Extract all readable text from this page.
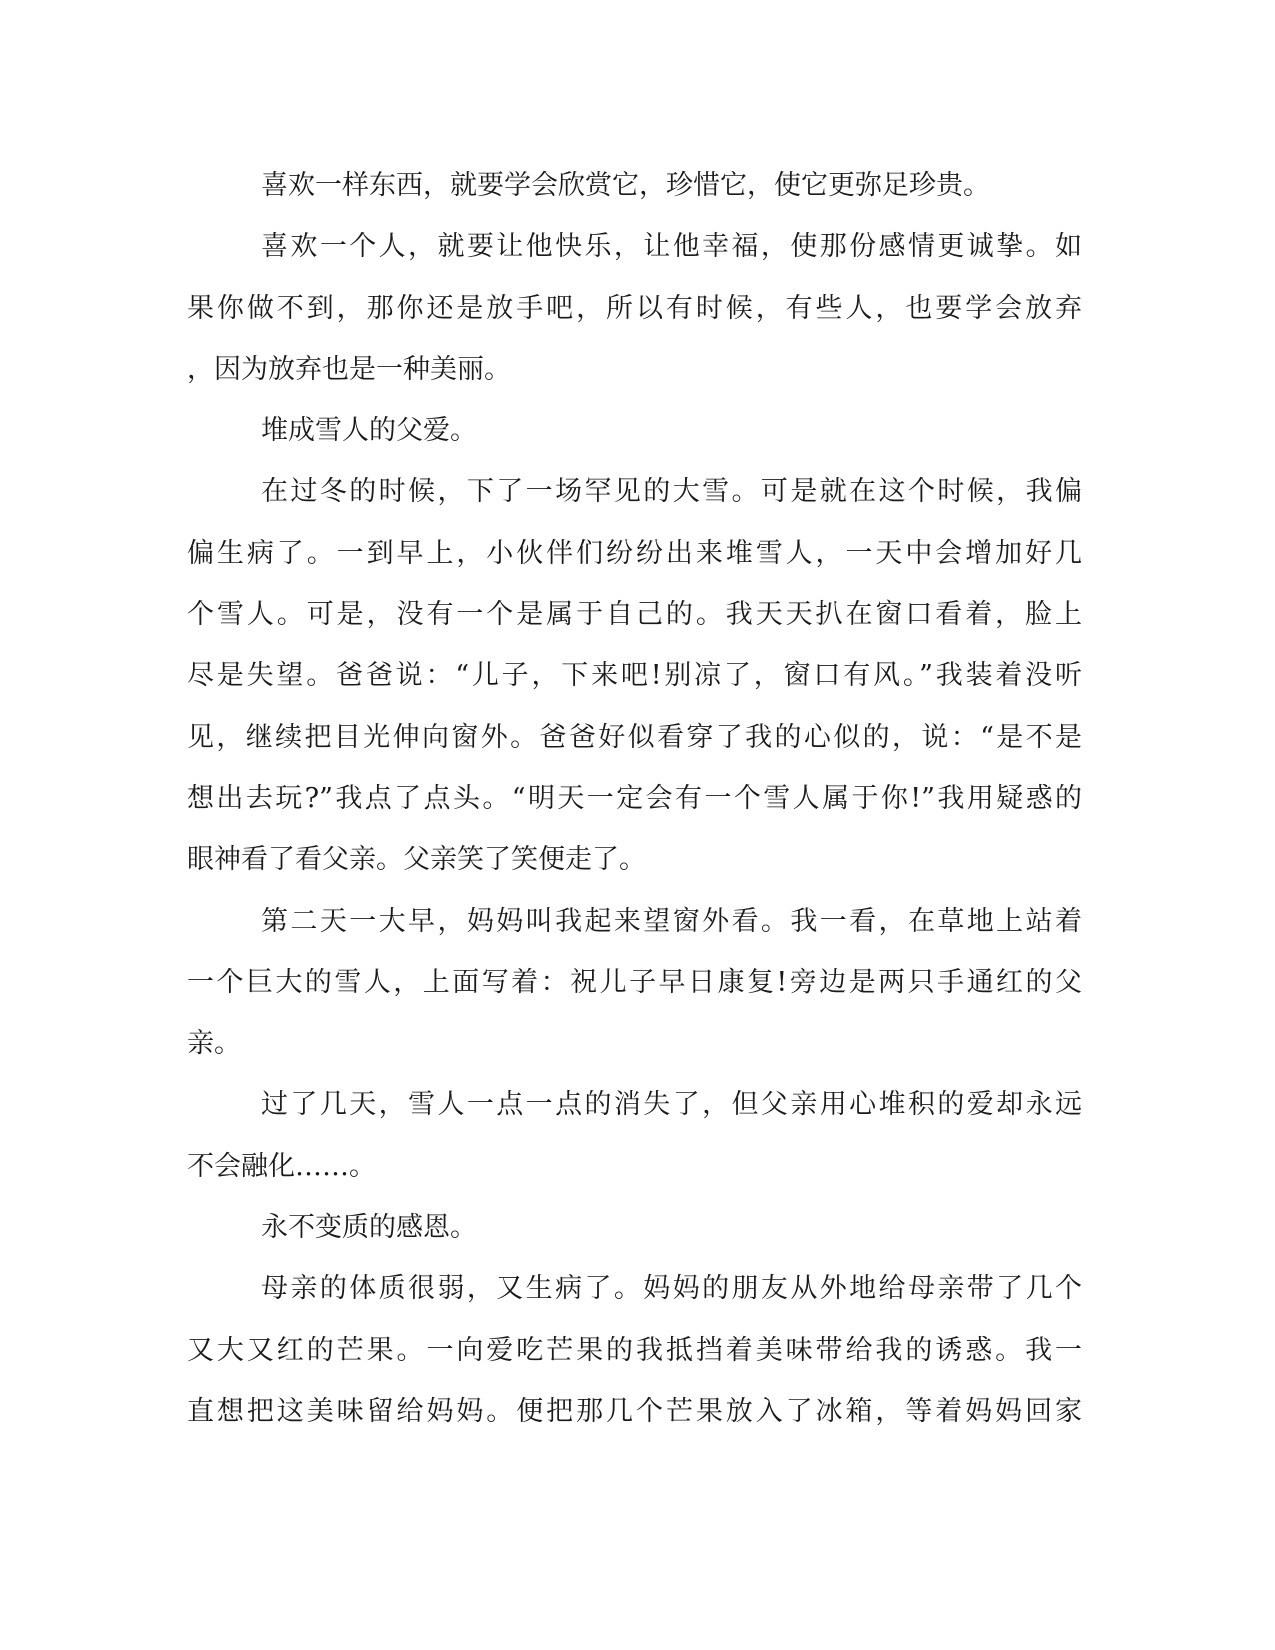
喜欢一样东西，就要学会欣赏它，珍惜它，使它更弥足珍贵。
喜欢一个人，就要让他快乐，让他幸福，使那份感情更诚挚。如
果你做不到，那你还是放手吧，所以有时候，有些人，也要学会放弃
，因为放弃也是一种美丽。
堆成雪人的父爱。
在过冬的时候，下了一场罕见的大雪。可是就在这个时候，我偏
偏生病了。一到早上，小伙伴们纷纷出来堆雪人，一天中会增加好几
个雪人。可是，没有一个是属于自己的。我天天扒在窗口看着，脸上
尽是失望。爸爸说：“儿子，下来吧!别凉了，窗口有风。”我装着没听
见，继续把目光伸向窗外。爸爸好似看穿了我的心似的，说：“是不是
想出去玩?”我点了点头。“明天一定会有一个雪人属于你!”我用疑惑的
眼神看了看父亲。父亲笑了笑便走了。
第二天一大早，妈妈叫我起来望窗外看。我一看，在草地上站着
一个巨大的雪人，上面写着：祝儿子早日康复!旁边是两只手通红的父
亲。
过了几天，雪人一点一点的消失了，但父亲用心堆积的爱却永远
不会融化……。
永不变质的感恩。
母亲的体质很弱，又生病了。妈妈的朋友从外地给母亲带了几个
又大又红的芒果。一向爱吃芒果的我抵挡着美味带给我的诱惑。我一
直想把这美味留给妈妈。便把那几个芒果放入了冰箱，等着妈妈回家
